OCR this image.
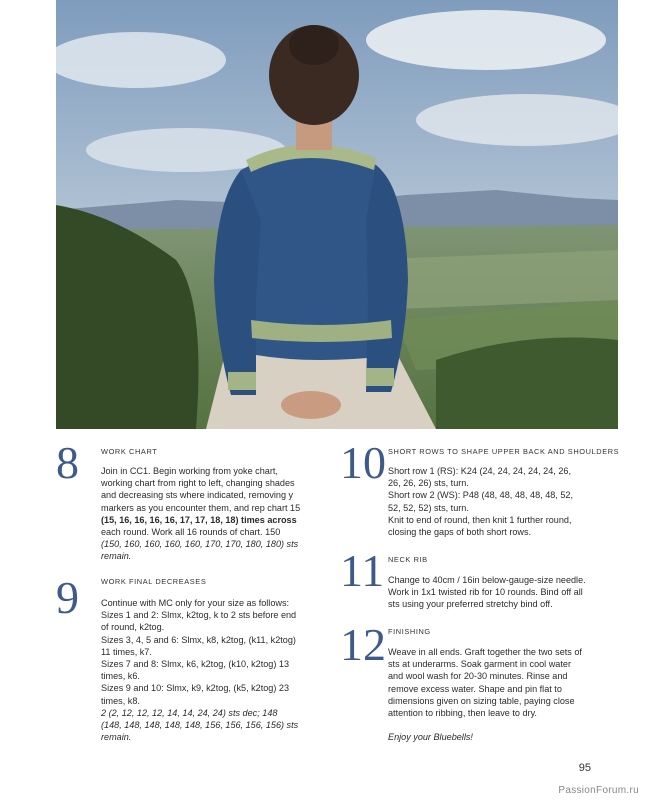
8	WORK CHART

Join in CC1. Begin working from yoke chart,

working chart from right to left, changing shades

and decreasing sts where indicated, removing y

markers as you encounter them, and rep chart 15

(15, 16, 16, 16, 16, 17, 17, 18, 18) times across

each round. Work all 16 rounds of chart. 150

(150, 160, 160, 160, 160, 170, 170, 180, 180) sts

remain.

9	WORK FINAL DECREASES

Continue with MC only for your size as follows:

Sizes 1 and 2: Slmx, k2tog, k to 2 sts before end

of round, k2tog.

Sizes 3, 4, 5 and 6: Slmx, k8, k2tog, (k11, k2tog)

11 times, k7.

Sizes 7 and 8: Slmx, k6, k2tog, (k10, k2tog) 13

times, k6.

Sizes 9 and 10: Slmx, k9, k2tog, (k5, k2tog) 23

times, k8.

2 (2, 12, 12, 12, 14, 14, 24, 24) sts dec; 148

(148, 148, 148, 148, 148, 156, 156, 156, 156) sts

remain.

10 SHORT ROWS TO SHAPE UPPER BACK AND SHOULDERS

Short row 1 (RS): K24 (24, 24, 24, 24, 24, 26,

26, 26, 26) sts, turn.

Short row 2 (WS): P48 (48, 48, 48, 48, 48, 52,

52, 52, 52) sts, turn.

Knit to end of round, then knit 1 further round,

closing the gaps of both short rows.

11 NECK RIB

Change to 40cm / 16in below-gauge-size needle.

Work in 1x1 twisted rib for 10 rounds. Bind off all

sts using your preferred stretchy bind off.

12 FINISHING

Weave in all ends. Graft together the two sets of

sts at underarms. Soak garment in cool water

and wool wash for 20-30 minutes. Rinse and

remove excess water. Shape and pin flat to

dimensions given on sizing table, paying close

attention to ribbing, then leave to dry.

Enjoy your Bluebells!

95
PassionForum.ru
